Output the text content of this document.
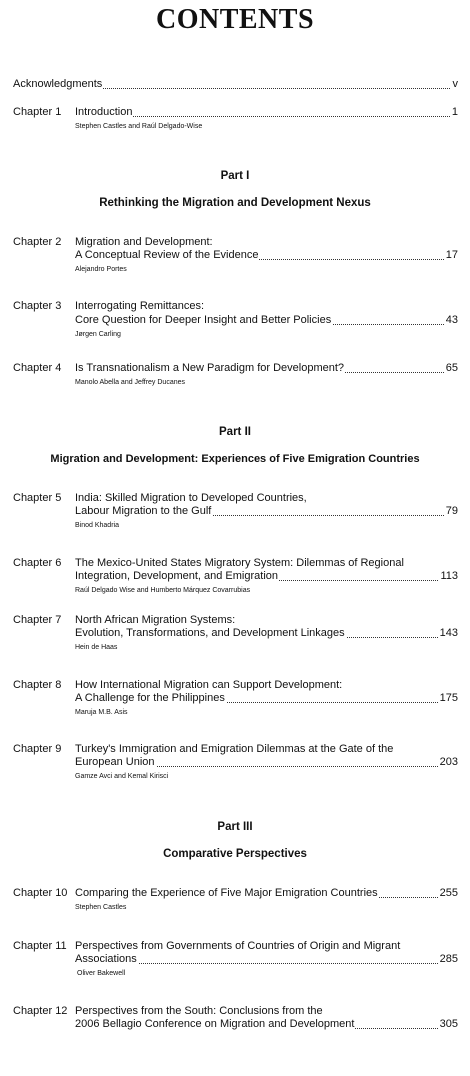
CONTENTS
Acknowledgments	v
Chapter 1 Introduction	1
Stephen Castles and Raúl Delgado-Wise
Part I
Rethinking the Migration and Development Nexus
Chapter 2 Migration and Development:
A Conceptual Review of the Evidence	17
Alejandro Portes
Chapter 3 Interrogating Remittances:
Core Question for Deeper Insight and Better Policies	43
Jørgen Carling
Chapter 4 Is Transnationalism a New Paradigm for Development?	65
Manolo Abella and Jeffrey Ducanes
Part II
Migration and Development: Experiences of Five Emigration Countries
Chapter 5 India: Skilled Migration to Developed Countries,
Labour Migration to the Gulf	79
Binod Khadria
Chapter 6 The Mexico-United States Migratory System: Dilemmas of Regional
Integration, Development, and Emigration	113
Raúl Delgado Wise and Humberto Márquez Covarrubias
Chapter 7 North African Migration Systems:
Evolution, Transformations, and Development Linkages	143
Hein de Haas
Chapter 8 How International Migration can Support Development:
A Challenge for the Philippines	175
Maruja M.B. Asis
Chapter 9 Turkey's Immigration and Emigration Dilemmas at the Gate of the
European Union	203
Gamze Avci and Kemal Kirisci
Part III
Comparative Perspectives
Chapter 10 Comparing the Experience of Five Major Emigration Countries	255
Stephen Castles
Chapter 11 Perspectives from Governments of Countries of Origin and Migrant
Associations	285
Oliver Bakewell
Chapter 12 Perspectives from the South: Conclusions from the
2006 Bellagio Conference on Migration and Development	305
